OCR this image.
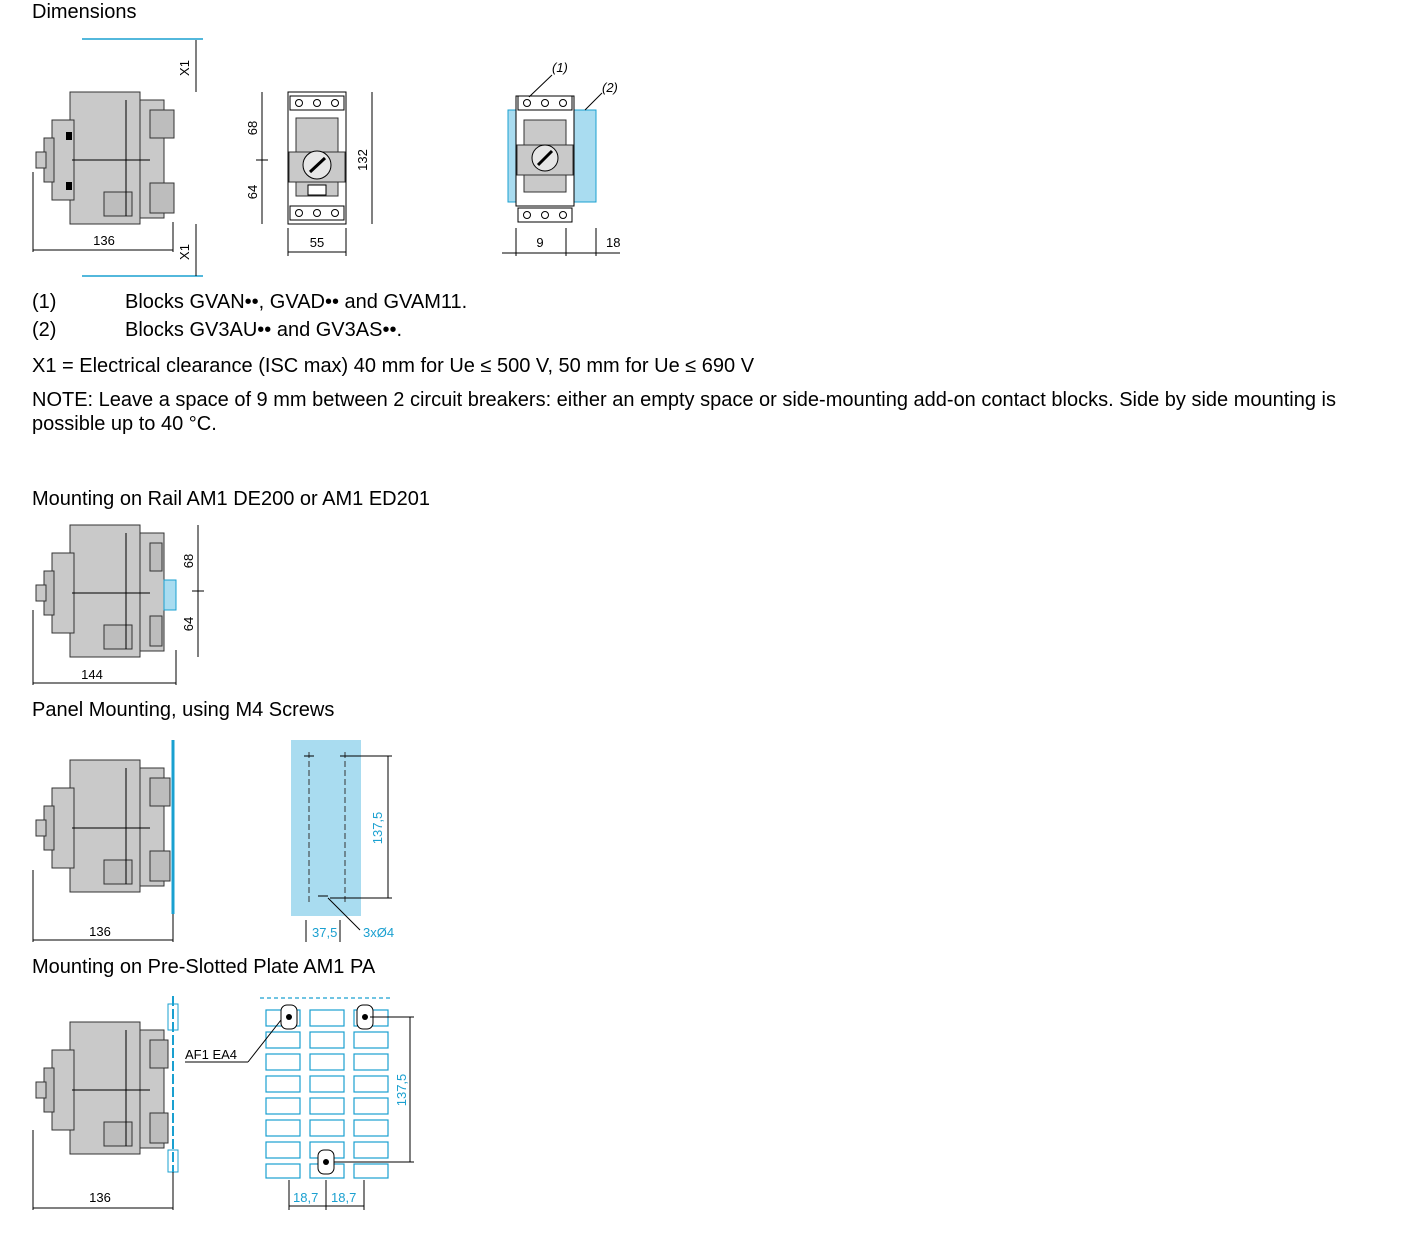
Dimensions
136
X1
X1
68
64
132
55
(1)
(2)
9	18
(1)	Blocks GVAN••, GVAD•• and GVAM11.
(2)	Blocks GV3AU•• and GV3AS••.
X1 = Electrical clearance (ISC max) 40 mm for Ue ≤ 500 V, 50 mm for Ue ≤ 690 V
NOTE: Leave a space of 9 mm between 2 circuit breakers: either an empty space or side-mounting add-on contact blocks. Side by side mounting is possible up to 40 °C.
Mounting on Rail AM1 DE200 or AM1 ED201
144
68
64
Panel Mounting, using M4 Screws
136
137,5
37,5 3xØ4
Mounting on Pre-Slotted Plate AM1 PA
136
AF1 EA4
137,5
18,7 18,7
